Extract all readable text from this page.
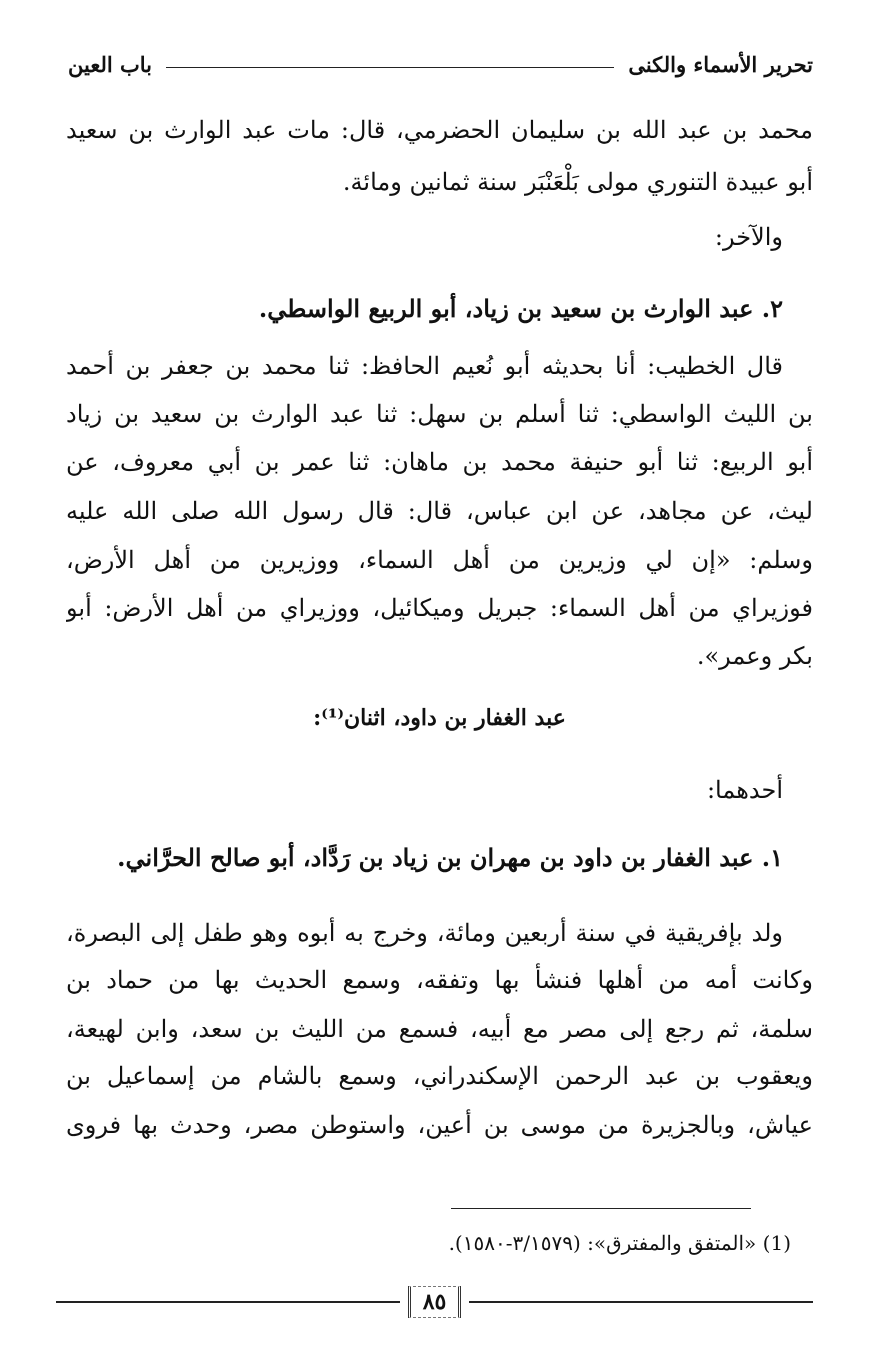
تحرير الأسماء والكنى
باب العين
محمد بن عبد الله بن سليمان الحضرمي، قال: مات عبد الوارث بن سعيد
أبو عبيدة التنوري مولى بَلْعَنْبَر سنة ثمانين ومائة.
والآخر:
٢. عبد الوارث بن سعيد بن زياد، أبو الربيع الواسطي.
قال الخطيب: أنا بحديثه أبو نُعيم الحافظ: ثنا محمد بن جعفر بن أحمد
بن الليث الواسطي: ثنا أسلم بن سهل: ثنا عبد الوارث بن سعيد بن زياد
أبو الربيع: ثنا أبو حنيفة محمد بن ماهان: ثنا عمر بن أبي معروف، عن
ليث، عن مجاهد، عن ابن عباس، قال: قال رسول الله صلى الله عليه
وسلم: «إن لي وزيرين من أهل السماء، ووزيرين من أهل الأرض،
فوزيراي من أهل السماء: جبريل وميكائيل، ووزيراي من أهل الأرض: أبو
بكر وعمر».
عبد الغفار بن داود، اثنان⁽¹⁾:
أحدهما:
١. عبد الغفار بن داود بن مهران بن زياد بن رَدَّاد، أبو صالح الحرَّاني.
ولد بإفريقية في سنة أربعين ومائة، وخرج به أبوه وهو طفل إلى البصرة،
وكانت أمه من أهلها فنشأ بها وتفقه، وسمع الحديث بها من حماد بن
سلمة، ثم رجع إلى مصر مع أبيه، فسمع من الليث بن سعد، وابن لهيعة،
ويعقوب بن عبد الرحمن الإسكندراني، وسمع بالشام من إسماعيل بن
عياش، وبالجزيرة من موسى بن أعين، واستوطن مصر، وحدث بها فروى
(1) «المتفق والمفترق»: (٣/١٥٧٩-١٥٨٠).
٨٥
